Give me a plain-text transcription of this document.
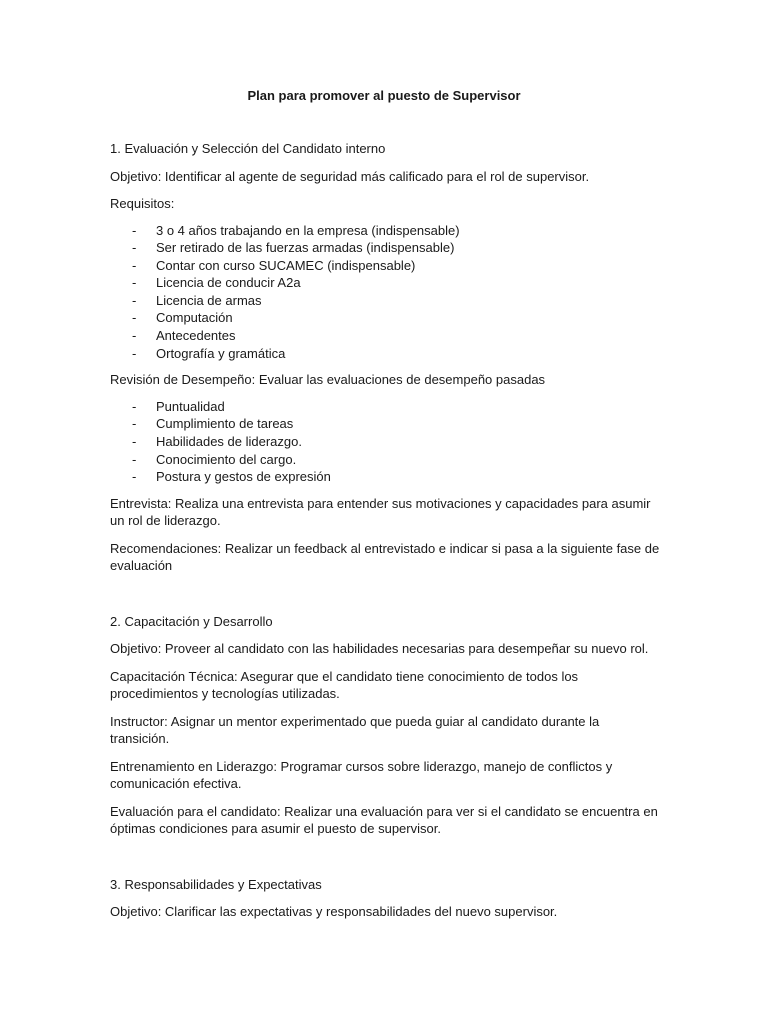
Plan para promover al puesto de Supervisor

1. Evaluación y Selección del Candidato interno

Objetivo: Identificar al agente de seguridad más calificado para el rol de supervisor.

Requisitos:

- 3 o 4 años trabajando en la empresa (indispensable)
- Ser retirado de las fuerzas armadas (indispensable)
- Contar con curso SUCAMEC (indispensable)
- Licencia de conducir A2a
- Licencia de armas
- Computación
- Antecedentes
- Ortografía y gramática

Revisión de Desempeño: Evaluar las evaluaciones de desempeño pasadas

- Puntualidad
- Cumplimiento de tareas
- Habilidades de liderazgo.
- Conocimiento del cargo.
- Postura y gestos de expresión

Entrevista: Realiza una entrevista para entender sus motivaciones y capacidades para asumir un rol de liderazgo.

Recomendaciones: Realizar un feedback al entrevistado e indicar si pasa a la siguiente fase de evaluación

2. Capacitación y Desarrollo

Objetivo: Proveer al candidato con las habilidades necesarias para desempeñar su nuevo rol.

Capacitación Técnica: Asegurar que el candidato tiene conocimiento de todos los procedimientos y tecnologías utilizadas.

Instructor: Asignar un mentor experimentado que pueda guiar al candidato durante la transición.

Entrenamiento en Liderazgo: Programar cursos sobre liderazgo, manejo de conflictos y comunicación efectiva.

Evaluación para el candidato: Realizar una evaluación para ver si el candidato se encuentra en óptimas condiciones para asumir el puesto de supervisor.

3. Responsabilidades y Expectativas

Objetivo: Clarificar las expectativas y responsabilidades del nuevo supervisor.
